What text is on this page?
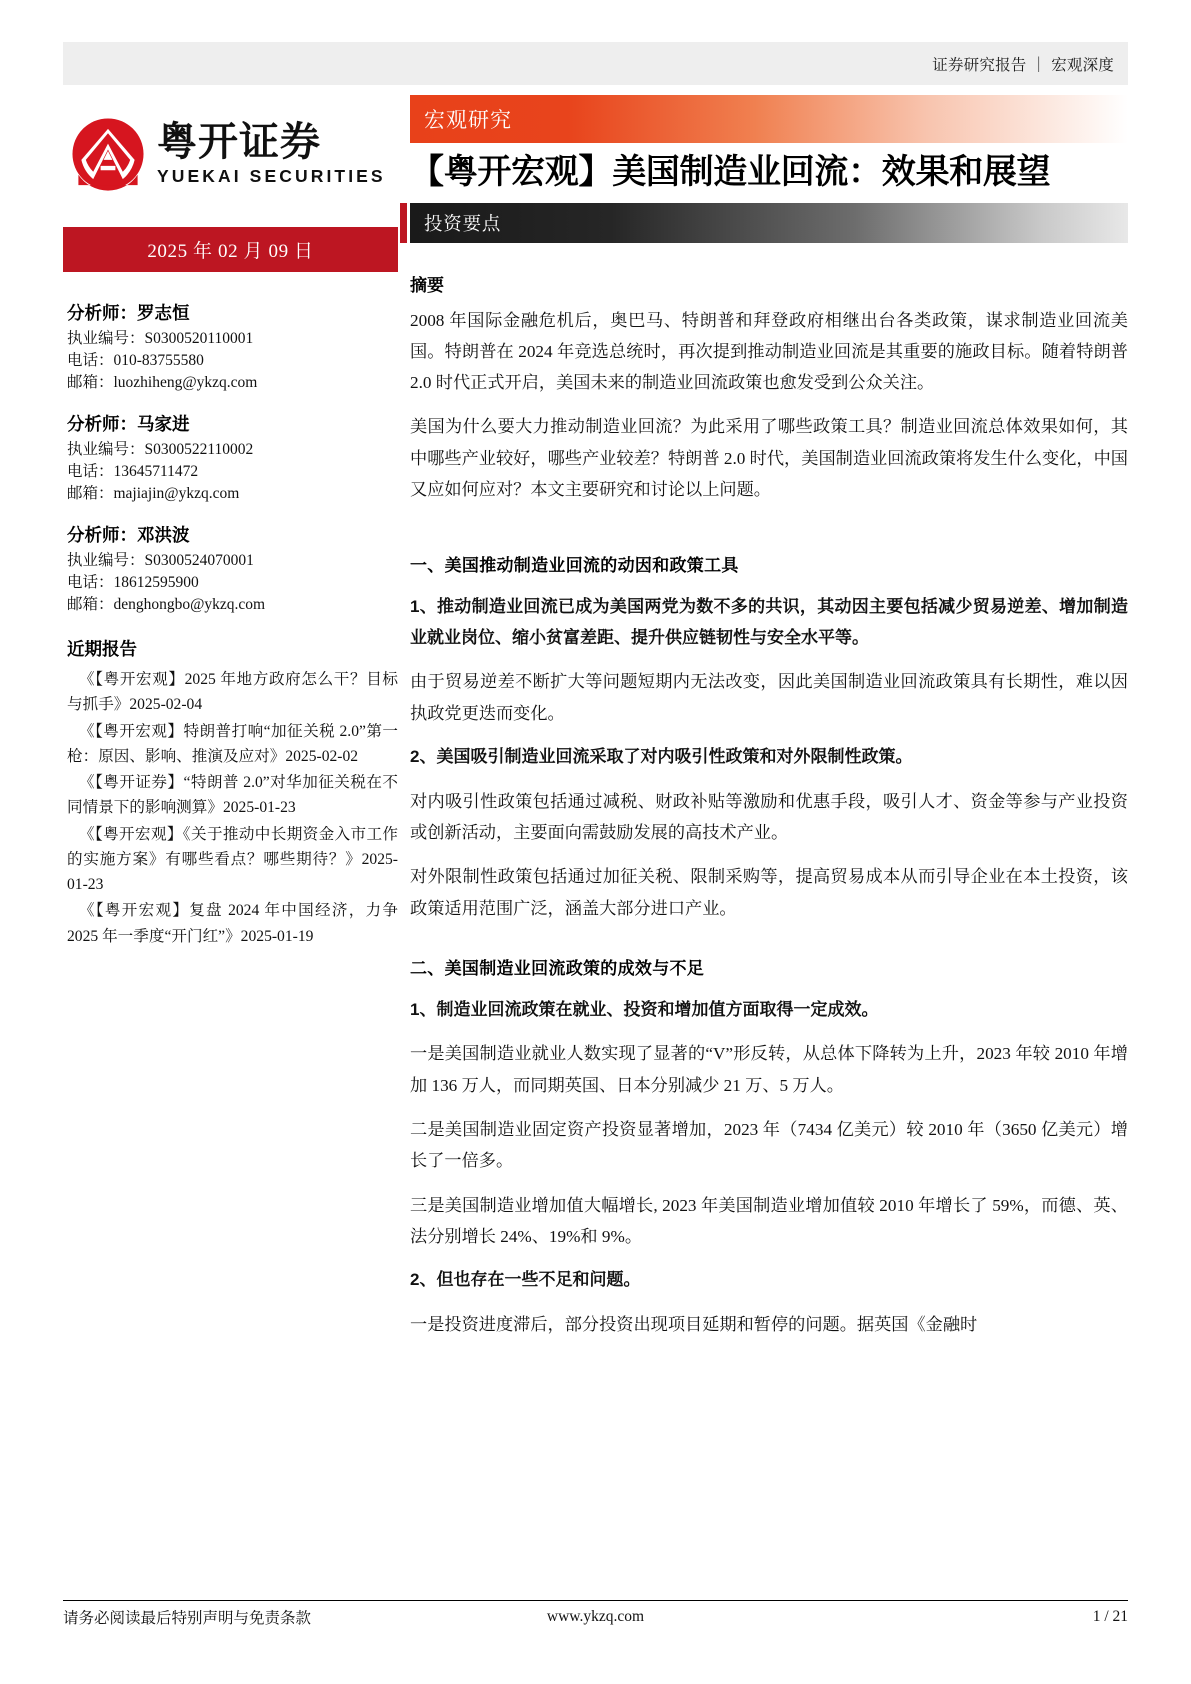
证券研究报告 ｜ 宏观深度
粤开证券
YUEKAI SECURITIES
2025 年 02 月 09 日
分析师：罗志恒
执业编号：S0300520110001
电话：010-83755580
邮箱：luozhiheng@ykzq.com
分析师：马家进
执业编号：S0300522110002
电话：13645711472
邮箱：majiajin@ykzq.com
分析师：邓洪波
执业编号：S0300524070001
电话：18612595900
邮箱：denghongbo@ykzq.com
近期报告
《【粤开宏观】2025 年地方政府怎么干？目标与抓手》2025-02-04
《【粤开宏观】特朗普打响“加征关税 2.0”第一枪：原因、影响、推演及应对》2025-02-02
《【粤开证券】“特朗普 2.0”对华加征关税在不同情景下的影响测算》2025-01-23
《【粤开宏观】《关于推动中长期资金入市工作的实施方案》有哪些看点？哪些期待？》2025-01-23
《【粤开宏观】复盘 2024 年中国经济，力争 2025 年一季度“开门红”》2025-01-19
宏观研究
【粤开宏观】美国制造业回流：效果和展望
投资要点
摘要

2008 年国际金融危机后，奥巴马、特朗普和拜登政府相继出台各类政策，谋求制造业回流美国。特朗普在 2024 年竞选总统时，再次提到推动制造业回流是其重要的施政目标。随着特朗普 2.0 时代正式开启，美国未来的制造业回流政策也愈发受到公众关注。

美国为什么要大力推动制造业回流？为此采用了哪些政策工具？制造业回流总体效果如何，其中哪些产业较好，哪些产业较差？特朗普 2.0 时代，美国制造业回流政策将发生什么变化，中国又应如何应对？本文主要研究和讨论以上问题。

一、美国推动制造业回流的动因和政策工具

1、推动制造业回流已成为美国两党为数不多的共识，其动因主要包括减少贸易逆差、增加制造业就业岗位、缩小贫富差距、提升供应链韧性与安全水平等。

由于贸易逆差不断扩大等问题短期内无法改变，因此美国制造业回流政策具有长期性，难以因执政党更迭而变化。

2、美国吸引制造业回流采取了对内吸引性政策和对外限制性政策。

对内吸引性政策包括通过减税、财政补贴等激励和优惠手段，吸引人才、资金等参与产业投资或创新活动，主要面向需鼓励发展的高技术产业。

对外限制性政策包括通过加征关税、限制采购等，提高贸易成本从而引导企业在本土投资，该政策适用范围广泛，涵盖大部分进口产业。

二、美国制造业回流政策的成效与不足

1、制造业回流政策在就业、投资和增加值方面取得一定成效。

一是美国制造业就业人数实现了显著的“V”形反转，从总体下降转为上升，2023 年较 2010 年增加 136 万人，而同期英国、日本分别减少 21 万、5 万人。

二是美国制造业固定资产投资显著增加，2023 年（7434 亿美元）较 2010 年（3650 亿美元）增长了一倍多。

三是美国制造业增加值大幅增长, 2023 年美国制造业增加值较 2010 年增长了 59%，而德、英、法分别增长 24%、19%和 9%。

2、但也存在一些不足和问题。

一是投资进度滞后，部分投资出现项目延期和暂停的问题。据英国《金融时

请务必阅读最后特别声明与免责条款	www.ykzq.com	1 / 21
